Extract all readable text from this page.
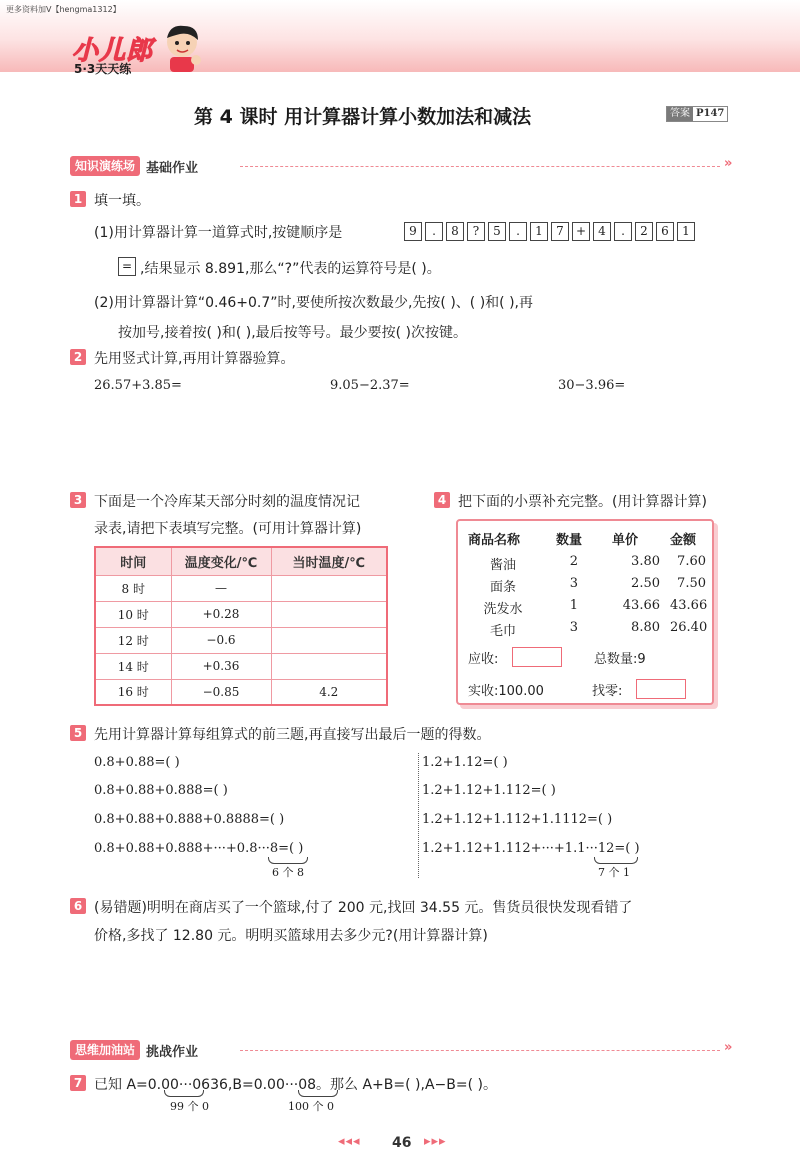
更多资料加V【hengma1312】
小儿郎
5·3天天练
第 4 课时 用计算器计算小数加法和减法	答案 P147
知识演练场 基础作业	»
1 填一填。
(1)用计算器计算一道算式时,按键顺序是	9	.	8	?	5	.	1	7	+	4	.	2	6	1
= ,结果显示 8.891,那么“?”代表的运算符号是( )。
(2)用计算器计算“0.46+0.7”时,要使所按次数最少,先按( )、( )和( ),再
按加号,接着按( )和( ),最后按等号。最少要按( )次按键。
2 先用竖式计算,再用计算器验算。
26.57+3.85=	9.05−2.37=	30−3.96=
3 下面是一个冷库某天部分时刻的温度情况记
录表,请把下表填写完整。(可用计算器计算)
时间	温度变化/℃	当时温度/℃
8 时	—	
10 时	+0.28	
12 时	−0.6	
14 时	+0.36	
16 时	−0.85	4.2
4 把下面的小票补充完整。(用计算器计算)
商品名称	数量 单价 金额
酱油	2	3.80	7.60
面条	3	2.50	7.50
洗发水	1	43.66 43.66
毛巾	3	8.80 26.40
应收:	总数量:9
实收:100.00	找零:
5 先用计算器计算每组算式的前三题,再直接写出最后一题的得数。
0.8+0.88=( )
0.8+0.88+0.888=( )
0.8+0.88+0.888+0.8888=( )
0.8+0.88+0.888+···+0.8···8=( )
6 个 8
1.2+1.12=( )
1.2+1.12+1.112=( )
1.2+1.12+1.112+1.1112=( )
1.2+1.12+1.112+···+1.1···12=( )
7 个 1
6 (易错题)明明在商店买了一个篮球,付了 200 元,找回 34.55 元。售货员很快发现看错了
价格,多找了 12.80 元。明明买篮球用去多少元?(用计算器计算)
思维加油站 挑战作业	»
7 已知 A=0.00···0636,B=0.00···08。那么 A+B=( ),A−B=( )。
99 个 0	100 个 0
◂◂◂ 46 ▸▸▸
